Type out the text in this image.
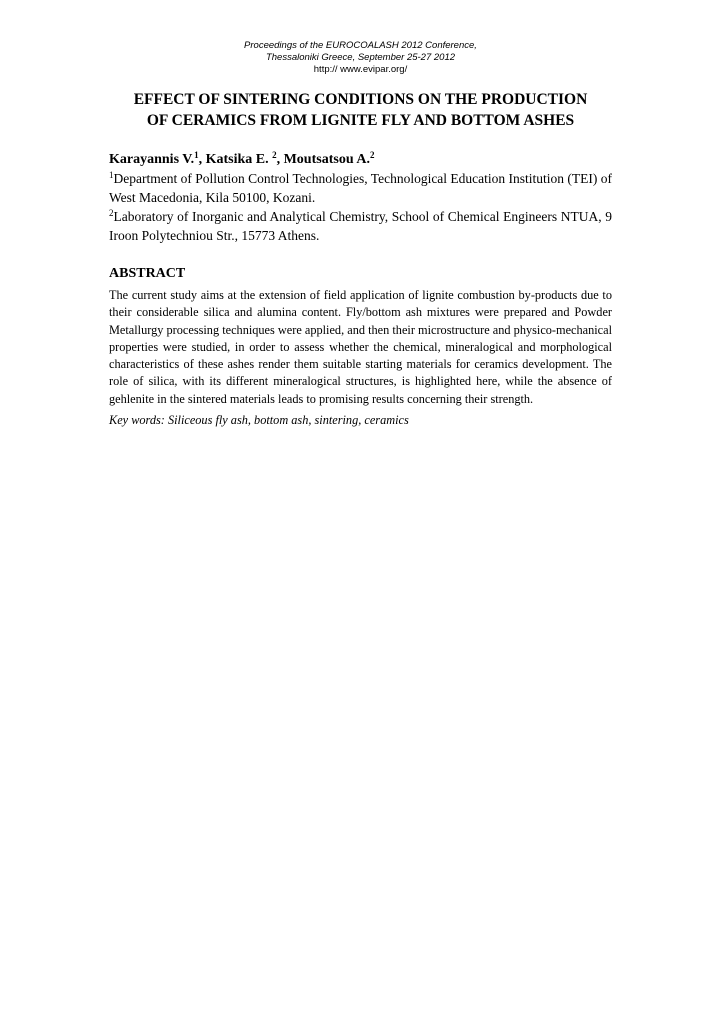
Proceedings of the EUROCOALASH 2012 Conference,
Thessaloniki Greece, September 25-27 2012
http:// www.evipar.org/
EFFECT OF SINTERING CONDITIONS ON THE PRODUCTION
OF CERAMICS FROM LIGNITE FLY AND BOTTOM ASHES
Karayannis V.$^1$, Katsika E. $^2$, Moutsatsou A.$^2$
$^1$Department of Pollution Control Technologies, Technological Education Institution (TEI) of West Macedonia, Kila 50100, Kozani.
$^2$Laboratory of Inorganic and Analytical Chemistry, School of Chemical Engineers NTUA, 9 Iroon Polytechniou Str., 15773 Athens.
ABSTRACT
The current study aims at the extension of field application of lignite combustion by-products due to their considerable silica and alumina content. Fly/bottom ash mixtures were prepared and Powder Metallurgy processing techniques were applied, and then their microstructure and physico-mechanical properties were studied, in order to assess whether the chemical, mineralogical and morphological characteristics of these ashes render them suitable starting materials for ceramics development. The role of silica, with its different mineralogical structures, is highlighted here, while the absence of gehlenite in the sintered materials leads to promising results concerning their strength.
Key words: Siliceous fly ash, bottom ash, sintering, ceramics
